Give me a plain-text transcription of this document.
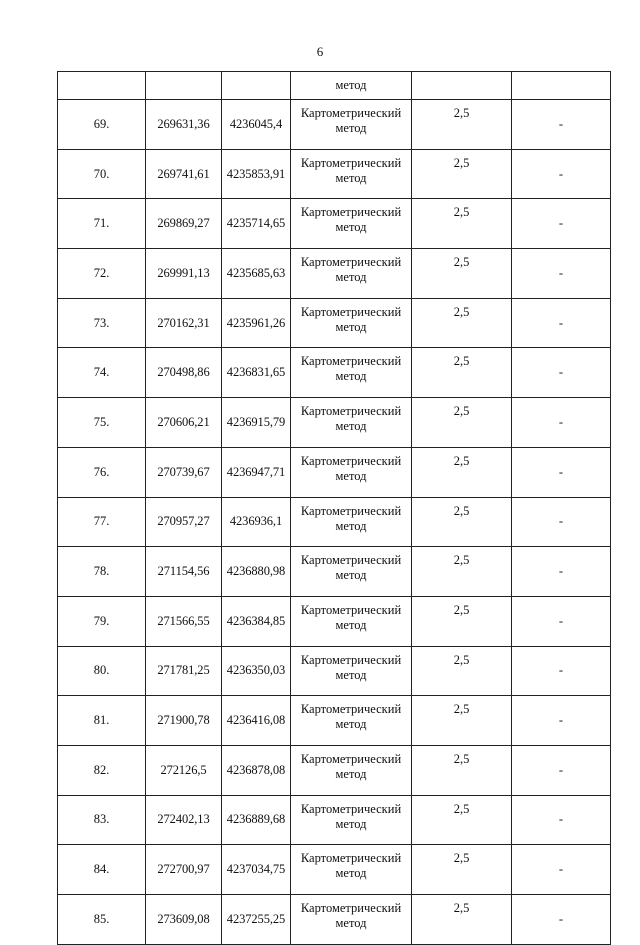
6
			метод		
69.	269631,36	4236045,4	Картометрический
метод	2,5	-
70.	269741,61	4235853,91	Картометрический
метод	2,5	-
71.	269869,27	4235714,65	Картометрический
метод	2,5	-
72.	269991,13	4235685,63	Картометрический
метод	2,5	-
73.	270162,31	4235961,26	Картометрический
метод	2,5	-
74.	270498,86	4236831,65	Картометрический
метод	2,5	-
75.	270606,21	4236915,79	Картометрический
метод	2,5	-
76.	270739,67	4236947,71	Картометрический
метод	2,5	-
77.	270957,27	4236936,1	Картометрический
метод	2,5	-
78.	271154,56	4236880,98	Картометрический
метод	2,5	-
79.	271566,55	4236384,85	Картометрический
метод	2,5	-
80.	271781,25	4236350,03	Картометрический
метод	2,5	-
81.	271900,78	4236416,08	Картометрический
метод	2,5	-
82.	272126,5	4236878,08	Картометрический
метод	2,5	-
83.	272402,13	4236889,68	Картометрический
метод	2,5	-
84.	272700,97	4237034,75	Картометрический
метод	2,5	-
85.	273609,08	4237255,25	Картометрический
метод	2,5	-
